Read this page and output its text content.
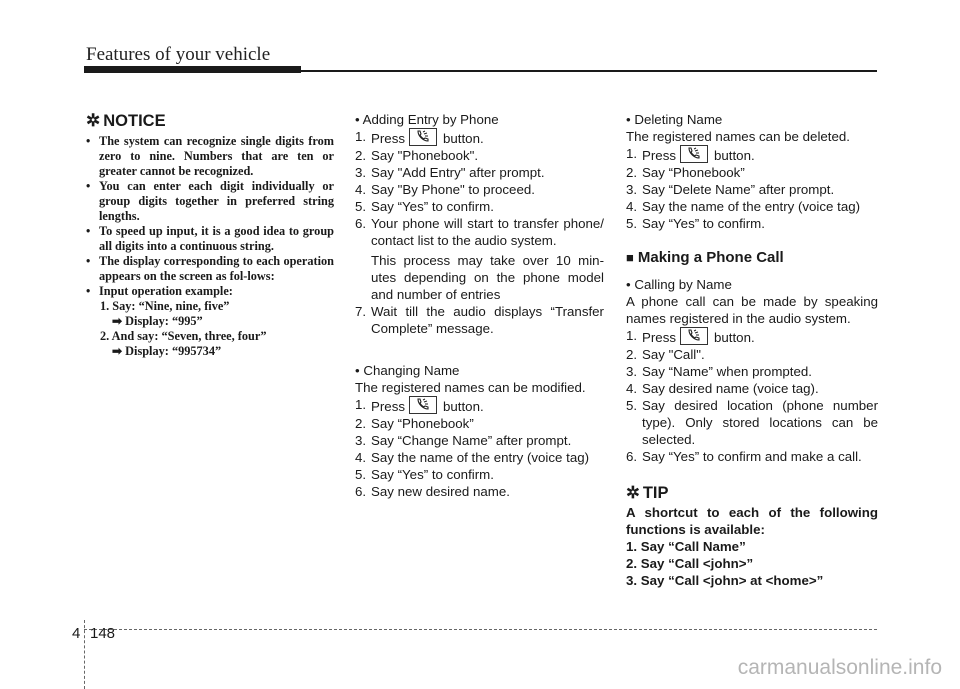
Features of your vehicle
✲ NOTICE
• The system can recognize single digits from zero to nine. Numbers that are ten or greater cannot be recognized.
• You can enter each digit individually or group digits together in preferred string lengths.
• To speed up input, it is a good idea to group all digits into a continuous string.
• The display corresponding to each operation appears on the screen as fol-lows:
• Input operation example:
1. Say: “Nine, nine, five”
➡ Display: “995”
2. And say: “Seven, three, four”
➡ Display: “995734”
• Adding Entry by Phone
1. Press	button.
2. Say "Phonebook".
3. Say "Add Entry" after prompt.
4. Say "By Phone" to proceed.
5. Say “Yes” to confirm.
6. Your phone will start to transfer phone/ contact list to the audio system.
This process may take over 10 min-utes depending on the phone model and number of entries
7. Wait till the audio displays “Transfer Complete” message.
• Changing Name
The registered names can be modified.
1. Press	button.
2. Say “Phonebook”
3. Say “Change Name” after prompt.
4. Say the name of the entry (voice tag)
5. Say “Yes” to confirm.
6. Say new desired name.
• Deleting Name
The registered names can be deleted.
1. Press	button.
2. Say “Phonebook”
3. Say “Delete Name” after prompt.
4. Say the name of the entry (voice tag)
5. Say “Yes” to confirm.
■ Making a Phone Call
• Calling by Name
A phone call can be made by speaking names registered in the audio system.
1. Press	button.
2. Say "Call".
3. Say “Name” when prompted.
4. Say desired name (voice tag).
5. Say desired location (phone number type). Only stored locations can be selected.
6. Say “Yes” to confirm and make a call.
✲ TIP
A shortcut to each of the following functions is available:
1. Say “Call Name”
2. Say “Call <john>”
3. Say “Call <john> at <home>”
4 148
carmanualsonline.info
